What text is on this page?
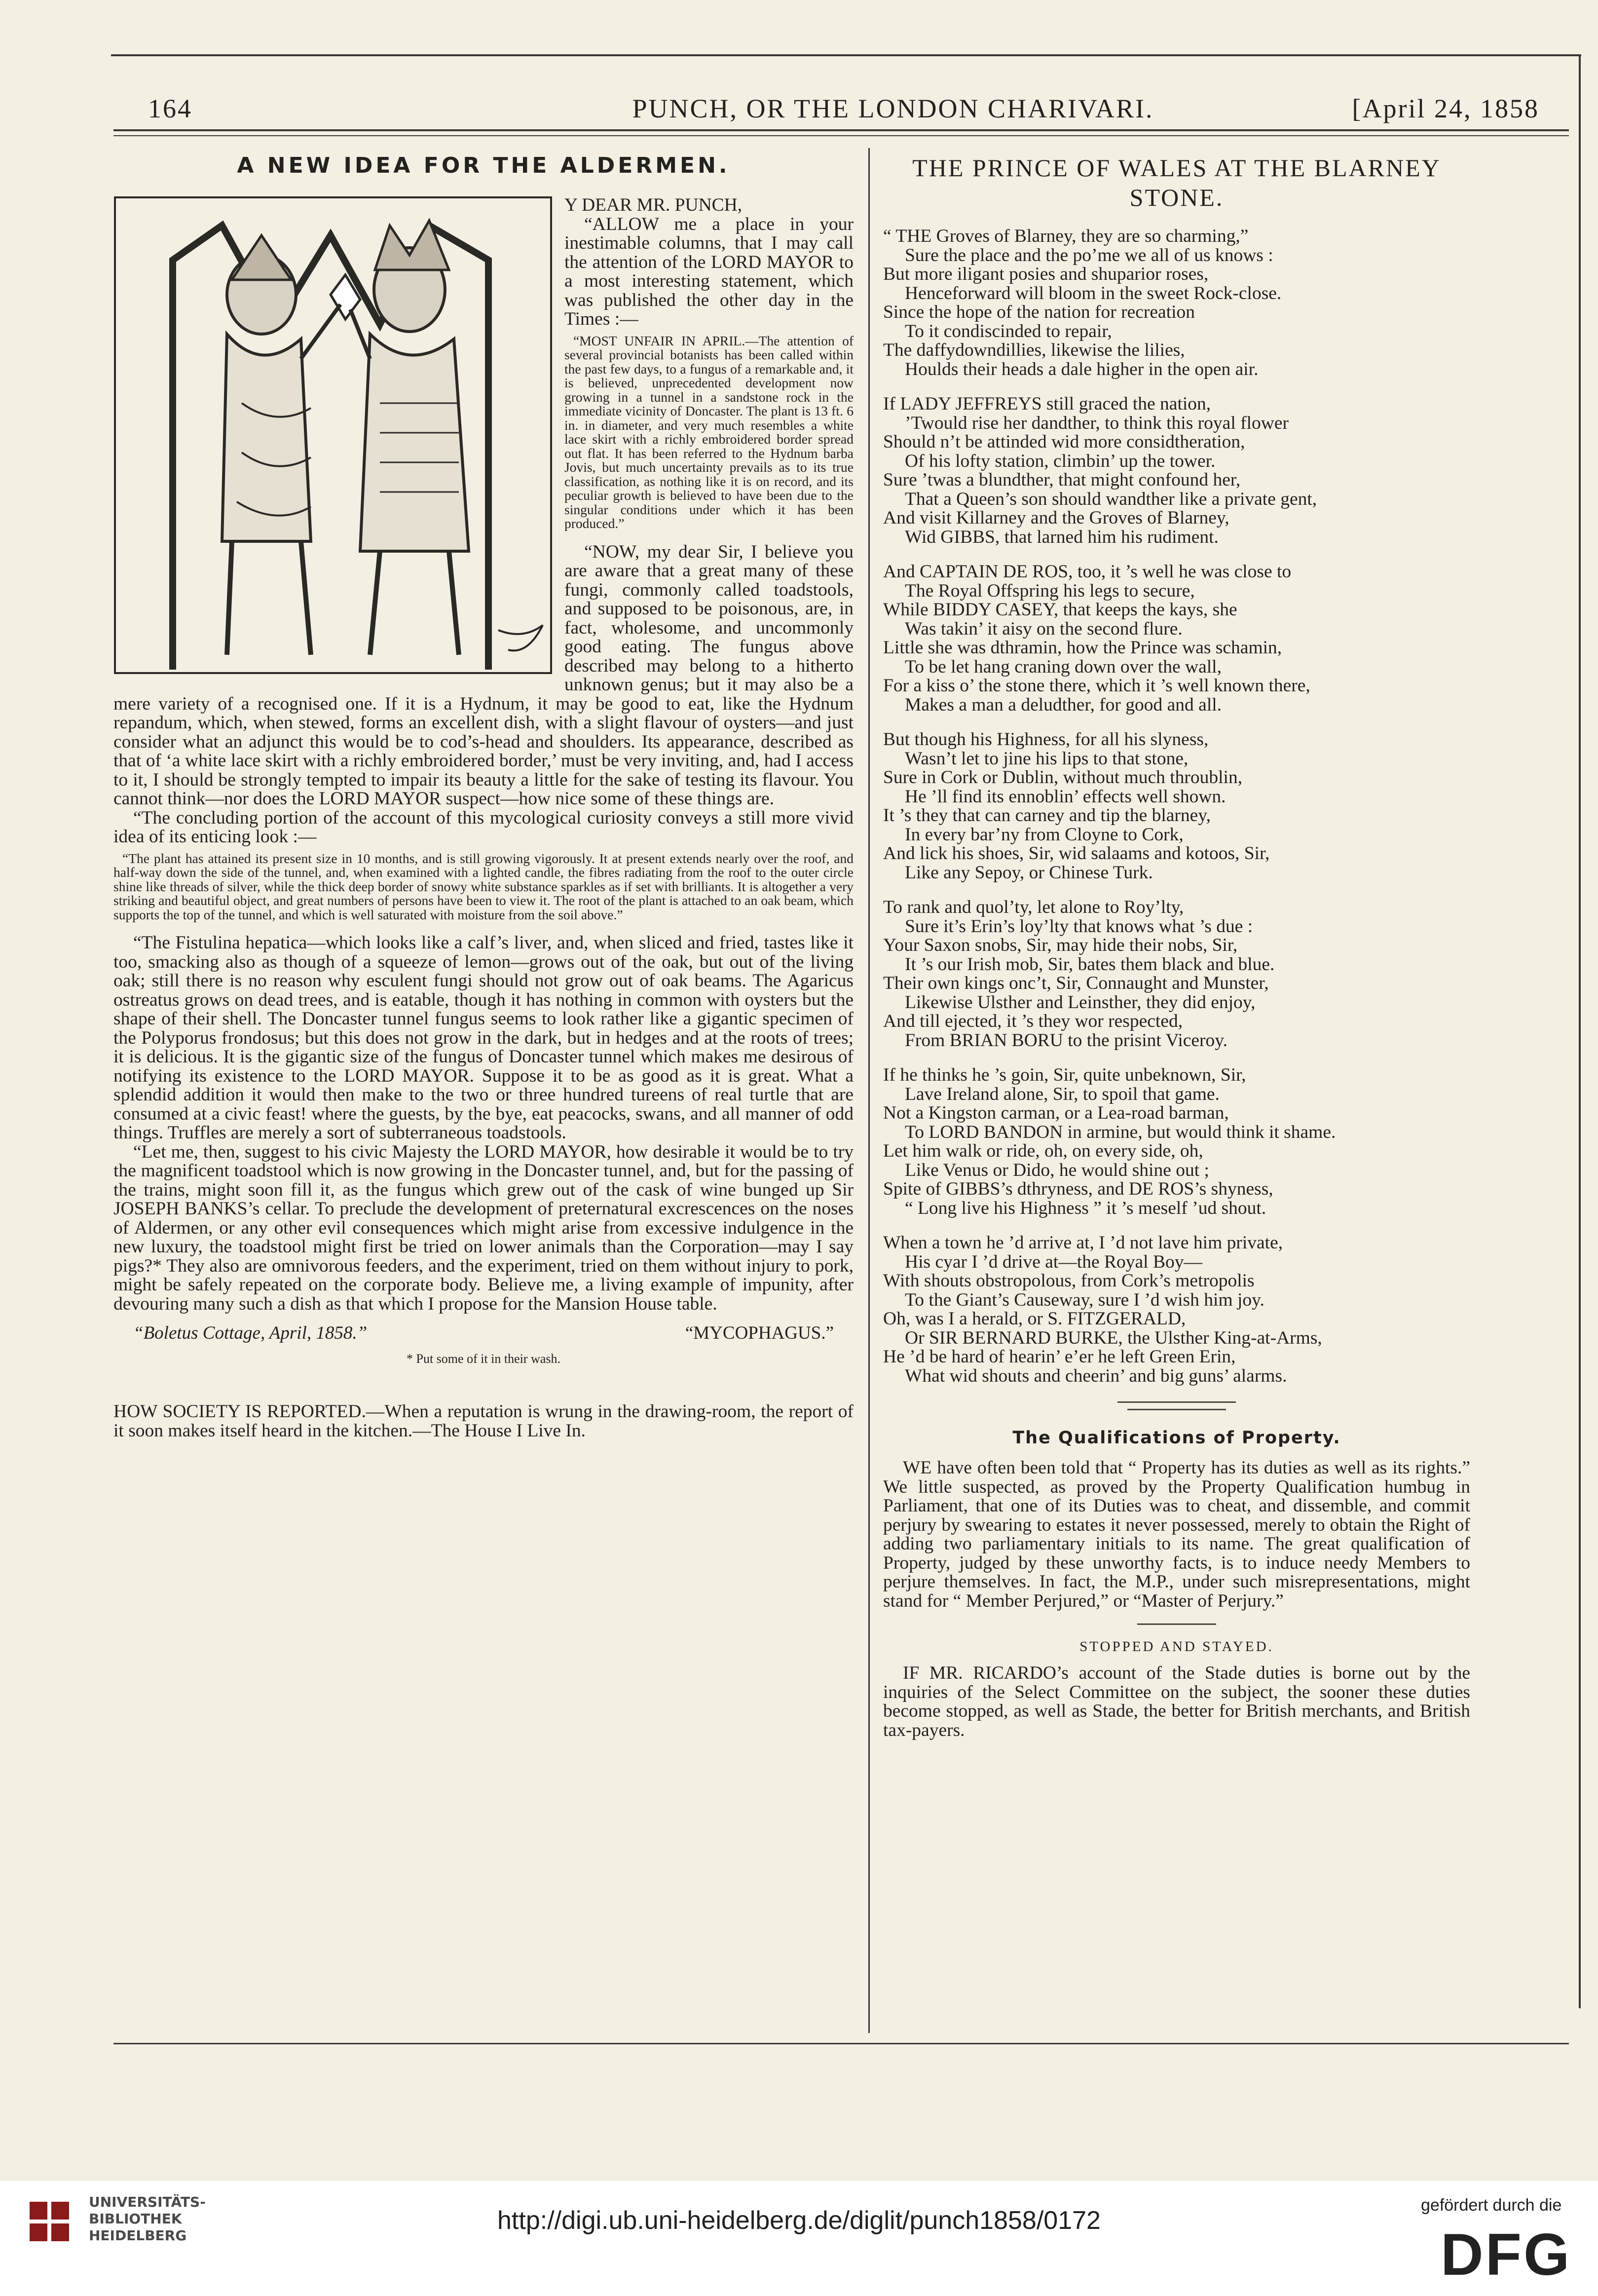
164	PUNCH, OR THE LONDON CHARIVARI.	[April 24, 1858
A NEW IDEA FOR THE ALDERMEN.

Y DEAR MR. PUNCH,

“ALLOW me a place in your inestimable columns, that I may call the attention of the LORD MAYOR to a most interesting statement, which was published the other day in the Times :—

“MOST UNFAIR IN APRIL.—The attention of several provincial botanists has been called within the past few days, to a fungus of a remarkable and, it is believed, unprecedented development now growing in a tunnel in a sandstone rock in the immediate vicinity of Doncaster. The plant is 13 ft. 6 in. in diameter, and very much resembles a white lace skirt with a richly embroidered border spread out flat. It has been referred to the Hydnum barba Jovis, but much uncertainty prevails as to its true classification, as nothing like it is on record, and its peculiar growth is believed to have been due to the singular conditions under which it has been produced.”

“NOW, my dear Sir, I believe you are aware that a great many of these fungi, commonly called toadstools, and supposed to be poisonous, are, in fact, wholesome, and uncommonly good eating. The fungus above described may belong to a hitherto unknown genus; but it may also be a mere variety of a recognised one. If it is a Hydnum, it may be good to eat, like the Hydnum repandum, which, when stewed, forms an excellent dish, with a slight flavour of oysters—and just consider what an adjunct this would be to cod’s-head and shoulders. Its appearance, described as that of ‘a white lace skirt with a richly embroidered border,’ must be very inviting, and, had I access to it, I should be strongly tempted to impair its beauty a little for the sake of testing its flavour. You cannot think—nor does the LORD MAYOR suspect—how nice some of these things are.

“The concluding portion of the account of this mycological curiosity conveys a still more vivid idea of its enticing look :—

“The plant has attained its present size in 10 months, and is still growing vigorously. It at present extends nearly over the roof, and half-way down the side of the tunnel, and, when examined with a lighted candle, the fibres radiating from the roof to the outer circle shine like threads of silver, while the thick deep border of snowy white substance sparkles as if set with brilliants. It is altogether a very striking and beautiful object, and great numbers of persons have been to view it. The root of the plant is attached to an oak beam, which supports the top of the tunnel, and which is well saturated with moisture from the soil above.”

“The Fistulina hepatica—which looks like a calf’s liver, and, when sliced and fried, tastes like it too, smacking also as though of a squeeze of lemon—grows out of the oak, but out of the living oak; still there is no reason why esculent fungi should not grow out of oak beams. The Agaricus ostreatus grows on dead trees, and is eatable, though it has nothing in common with oysters but the shape of their shell. The Doncaster tunnel fungus seems to look rather like a gigantic specimen of the Polyporus frondosus; but this does not grow in the dark, but in hedges and at the roots of trees; it is delicious. It is the gigantic size of the fungus of Doncaster tunnel which makes me desirous of notifying its existence to the LORD MAYOR. Suppose it to be as good as it is great. What a splendid addition it would then make to the two or three hundred tureens of real turtle that are consumed at a civic feast! where the guests, by the bye, eat peacocks, swans, and all manner of odd things. Truffles are merely a sort of subterraneous toadstools.

“Let me, then, suggest to his civic Majesty the LORD MAYOR, how desirable it would be to try the magnificent toadstool which is now growing in the Doncaster tunnel, and, but for the passing of the trains, might soon fill it, as the fungus which grew out of the cask of wine bunged up Sir JOSEPH BANKS’s cellar. To preclude the development of preternatural excrescences on the noses of Aldermen, or any other evil consequences which might arise from excessive indulgence in the new luxury, the toadstool might first be tried on lower animals than the Corporation—may I say pigs?* They also are omnivorous feeders, and the experiment, tried on them without injury to pork, might be safely repeated on the corporate body. Believe me, a living example of impunity, after devouring many such a dish as that which I propose for the Mansion House table.

“Boletus Cottage, April, 1858.”	“MYCOPHAGUS.”
* Put some of it in their wash.
HOW SOCIETY IS REPORTED.—When a reputation is wrung in the drawing-room, the report of it soon makes itself heard in the kitchen.—The House I Live In.
THE PRINCE OF WALES AT THE BLARNEY STONE.
“ THE Groves of Blarney, they are so charming,”
Sure the place and the po’me we all of us knows :
But more iligant posies and shuparior roses,
Henceforward will bloom in the sweet Rock-close.
Since the hope of the nation for recreation
To it condiscinded to repair,
The daffydowndillies, likewise the lilies,
Houlds their heads a dale higher in the open air.
If LADY JEFFREYS still graced the nation,
’Twould rise her dandther, to think this royal flower
Should n’t be attinded wid more considtheration,
Of his lofty station, climbin’ up the tower.
Sure ’twas a blundther, that might confound her,
That a Queen’s son should wandther like a private gent,
And visit Killarney and the Groves of Blarney,
Wid GIBBS, that larned him his rudiment.
And CAPTAIN DE ROS, too, it ’s well he was close to
The Royal Offspring his legs to secure,
While BIDDY CASEY, that keeps the kays, she
Was takin’ it aisy on the second flure.
Little she was dthramin, how the Prince was schamin,
To be let hang craning down over the wall,
For a kiss o’ the stone there, which it ’s well known there,
Makes a man a deludther, for good and all.
But though his Highness, for all his slyness,
Wasn’t let to jine his lips to that stone,
Sure in Cork or Dublin, without much throublin,
He ’ll find its ennoblin’ effects well shown.
It ’s they that can carney and tip the blarney,
In every bar’ny from Cloyne to Cork,
And lick his shoes, Sir, wid salaams and kotoos, Sir,
Like any Sepoy, or Chinese Turk.
To rank and quol’ty, let alone to Roy’lty,
Sure it’s Erin’s loy’lty that knows what ’s due :
Your Saxon snobs, Sir, may hide their nobs, Sir,
It ’s our Irish mob, Sir, bates them black and blue.
Their own kings onc’t, Sir, Connaught and Munster,
Likewise Ulsther and Leinsther, they did enjoy,
And till ejected, it ’s they wor respected,
From BRIAN BORU to the prisint Viceroy.
If he thinks he ’s goin, Sir, quite unbeknown, Sir,
Lave Ireland alone, Sir, to spoil that game.
Not a Kingston carman, or a Lea-road barman,
To LORD BANDON in armine, but would think it shame.
Let him walk or ride, oh, on every side, oh,
Like Venus or Dido, he would shine out ;
Spite of GIBBS’s dthryness, and DE ROS’s shyness,
“ Long live his Highness ” it ’s meself ’ud shout.
When a town he ’d arrive at, I ’d not lave him private,
His cyar I ’d drive at—the Royal Boy—
With shouts obstropolous, from Cork’s metropolis
To the Giant’s Causeway, sure I ’d wish him joy.
Oh, was I a herald, or S. FITZGERALD,
Or SIR BERNARD BURKE, the Ulsther King-at-Arms,
He ’d be hard of hearin’ e’er he left Green Erin,
What wid shouts and cheerin’ and big guns’ alarms.
The Qualifications of Property.

WE have often been told that “ Property has its duties as well as its rights.” We little suspected, as proved by the Property Qualification humbug in Parliament, that one of its Duties was to cheat, and dissemble, and commit perjury by swearing to estates it never possessed, merely to obtain the Right of adding two parliamentary initials to its name. The great qualification of Property, judged by these unworthy facts, is to induce needy Members to perjure themselves. In fact, the M.P., under such misrepresentations, might stand for “ Member Perjured,” or “Master of Perjury.”

STOPPED AND STAYED.

IF MR. RICARDO’s account of the Stade duties is borne out by the inquiries of the Select Committee on the subject, the sooner these duties become stopped, as well as Stade, the better for British merchants, and British tax-payers.

UNIVERSITÄTS-
BIBLIOTHEK
HEIDELBERG
http://digi.ub.uni-heidelberg.de/diglit/punch1858/0172
gefördert durch die
DFG
